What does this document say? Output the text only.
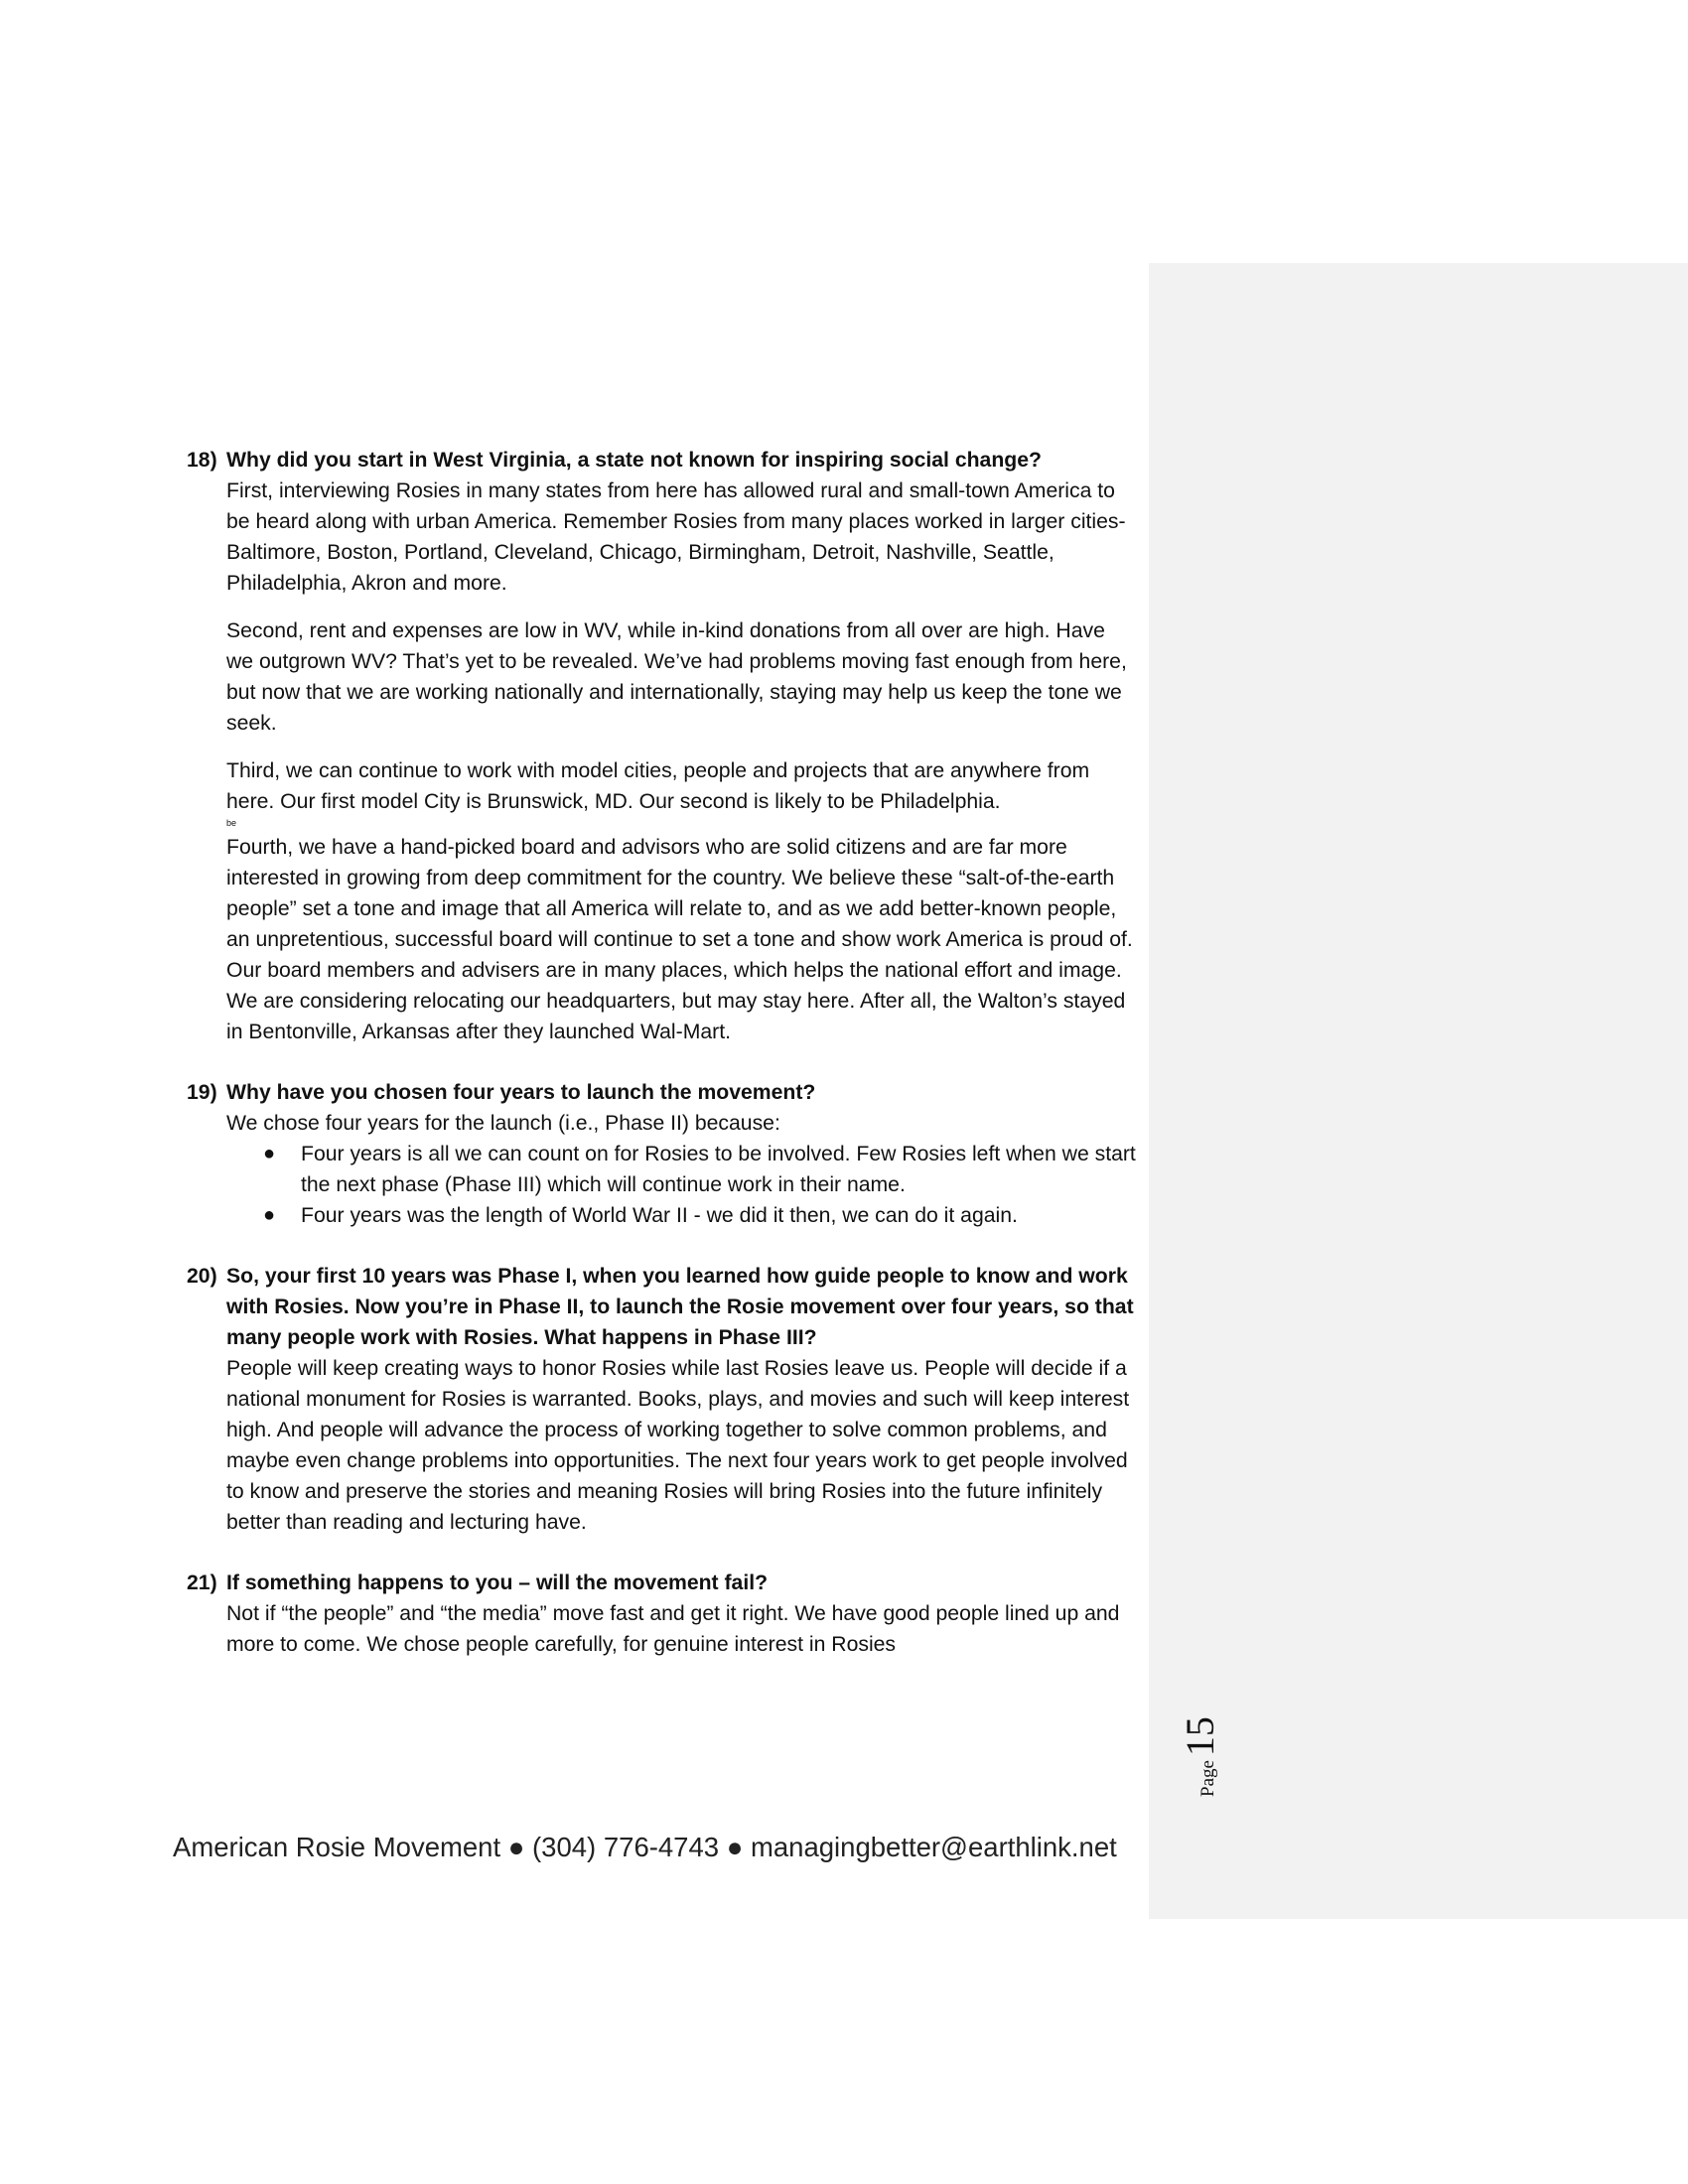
18) Why did you start in West Virginia, a state not known for inspiring social change?

First, interviewing Rosies in many states from here has allowed rural and small-town America to be heard along with urban America. Remember Rosies from many places worked in larger cities-Baltimore, Boston, Portland, Cleveland, Chicago, Birmingham, Detroit, Nashville, Seattle, Philadelphia, Akron and more.

Second, rent and expenses are low in WV, while in-kind donations from all over are high. Have we outgrown WV? That’s yet to be revealed. We’ve had problems moving fast enough from here, but now that we are working nationally and internationally, staying may help us keep the tone we seek.

Third, we can continue to work with model cities, people and projects that are anywhere from here. Our first model City is Brunswick, MD. Our second is likely to be Philadelphia.

be

Fourth, we have a hand-picked board and advisors who are solid citizens and are far more interested in growing from deep commitment for the country. We believe these “salt-of-the-earth people” set a tone and image that all America will relate to, and as we add better-known people, an unpretentious, successful board will continue to set a tone and show work America is proud of. Our board members and advisers are in many places, which helps the national effort and image. We are considering relocating our headquarters, but may stay here. After all, the Walton’s stayed in Bentonville, Arkansas after they launched Wal-Mart.

19) Why have you chosen four years to launch the movement?

We chose four years for the launch (i.e., Phase II) because:

● Four years is all we can count on for Rosies to be involved. Few Rosies left when we start the next phase (Phase III) which will continue work in their name.
● Four years was the length of World War II - we did it then, we can do it again.
20) So, your first 10 years was Phase I, when you learned how guide people to know and work with Rosies. Now you’re in Phase II, to launch the Rosie movement over four years, so that many people work with Rosies. What happens in Phase III?

People will keep creating ways to honor Rosies while last Rosies leave us. People will decide if a national monument for Rosies is warranted. Books, plays, and movies and such will keep interest high. And people will advance the process of working together to solve common problems, and maybe even change problems into opportunities. The next four years work to get people involved to know and preserve the stories and meaning Rosies will bring Rosies into the future infinitely better than reading and lecturing have.

21) If something happens to you – will the movement fail?

Not if “the people” and “the media” move fast and get it right. We have good people lined up and more to come. We chose people carefully, for genuine interest in Rosies

American Rosie Movement ● (304) 776-4743 ● managingbetter@earthlink.net
Page
15
